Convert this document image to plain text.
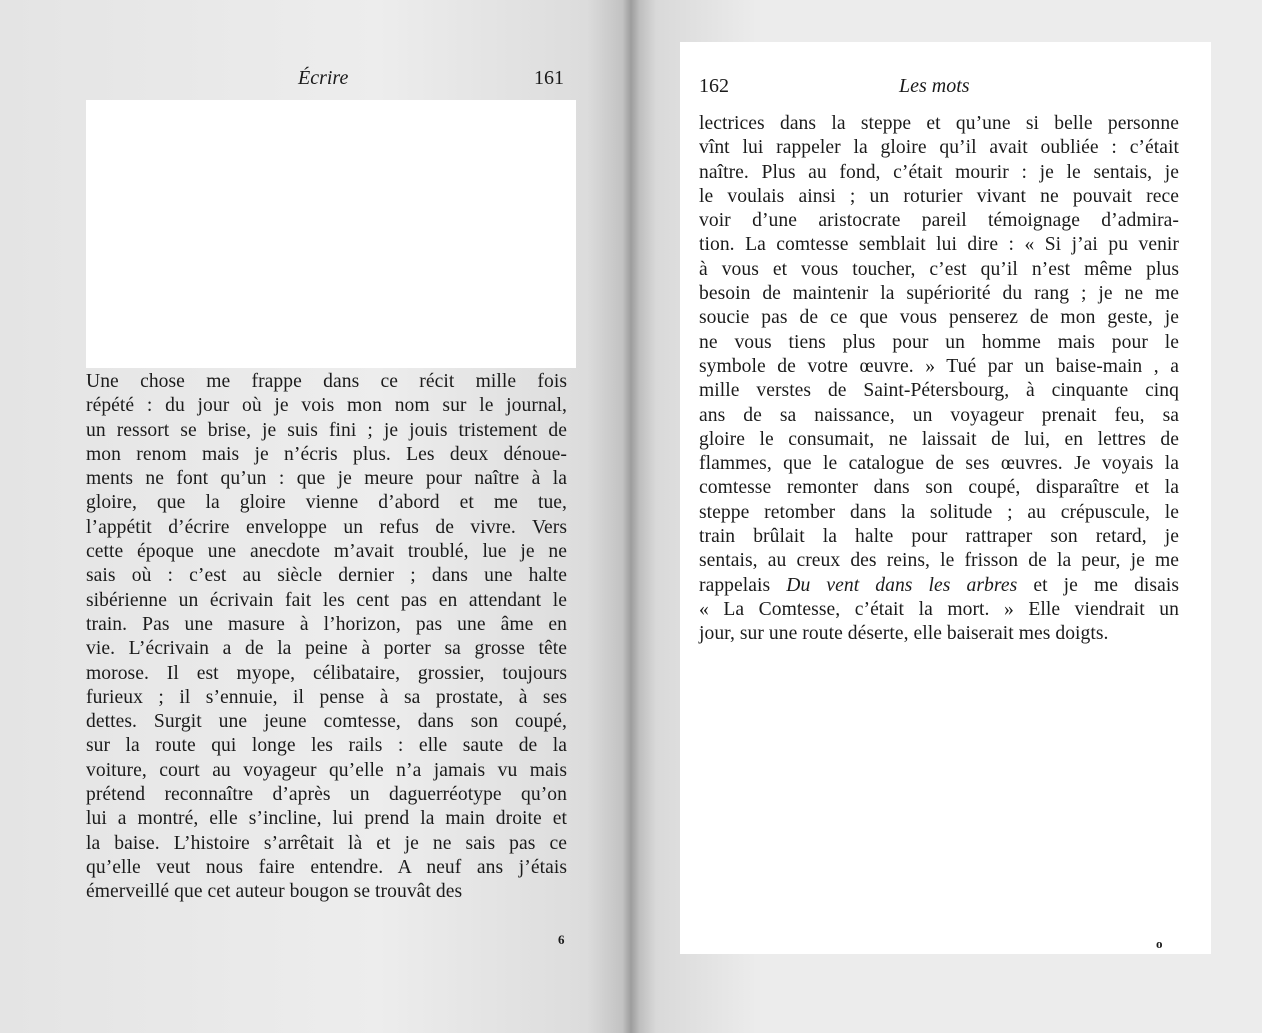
Écrire	161
Une chose me frappe dans ce récit mille fois
répété : du jour où je vois mon nom sur le journal,
un ressort se brise, je suis fini ; je jouis tristement de
mon renom mais je n’écris plus. Les deux dénoue-
ments ne font qu’un : que je meure pour naître à la
gloire, que la gloire vienne d’abord et me tue,
l’appétit d’écrire enveloppe un refus de vivre. Vers
cette époque une anecdote m’avait troublé, lue je ne
sais où : c’est au siècle dernier ; dans une halte
sibérienne un écrivain fait les cent pas en attendant le
train. Pas une masure à l’horizon, pas une âme en
vie. L’écrivain a de la peine à porter sa grosse tête
morose. Il est myope, célibataire, grossier, toujours
furieux ; il s’ennuie, il pense à sa prostate, à ses
dettes. Surgit une jeune comtesse, dans son coupé,
sur la route qui longe les rails : elle saute de la
voiture, court au voyageur qu’elle n’a jamais vu mais
prétend reconnaître d’après un daguerréotype qu’on
lui a montré, elle s’incline, lui prend la main droite et
la baise. L’histoire s’arrêtait là et je ne sais pas ce
qu’elle veut nous faire entendre. A neuf ans j’étais
émerveillé que cet auteur bougon se trouvât des
6
162	Les mots
lectrices dans la steppe et qu’une si belle personne
vînt lui rappeler la gloire qu’il avait oubliée : c’était
naître. Plus au fond, c’était mourir : je le sentais, je
le voulais ainsi ; un roturier vivant ne pouvait rece
voir d’une aristocrate pareil témoignage d’admira-
tion. La comtesse semblait lui dire : « Si j’ai pu venir
à vous et vous toucher, c’est qu’il n’est même plus
besoin de maintenir la supériorité du rang ; je ne me
soucie pas de ce que vous penserez de mon geste, je
ne vous tiens plus pour un homme mais pour le
symbole de votre œuvre. » Tué par un baise-main , a
mille verstes de Saint-Pétersbourg, à cinquante cinq
ans de sa naissance, un voyageur prenait feu, sa
gloire le consumait, ne laissait de lui, en lettres de
flammes, que le catalogue de ses œuvres. Je voyais la
comtesse remonter dans son coupé, disparaître et la
steppe retomber dans la solitude ; au crépuscule, le
train brûlait la halte pour rattraper son retard, je
sentais, au creux des reins, le frisson de la peur, je me
rappelais Du vent dans les arbres et je me disais
« La Comtesse, c’était la mort. » Elle viendrait un
jour, sur une route déserte, elle baiserait mes doigts.
o
